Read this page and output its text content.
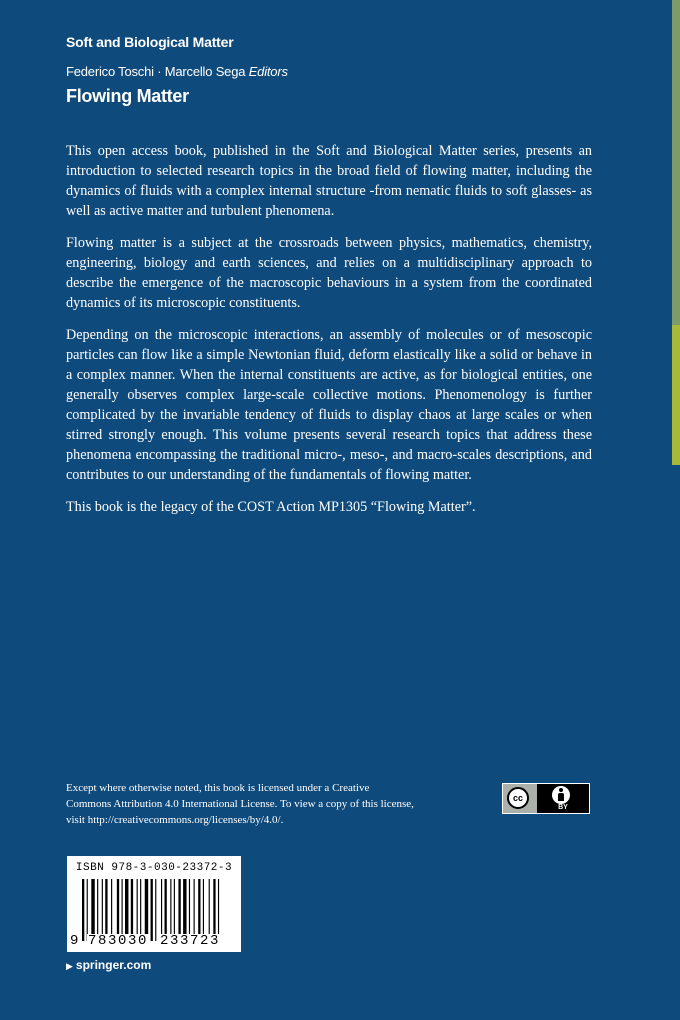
Soft and Biological Matter
Federico Toschi · Marcello Sega Editors
Flowing Matter

This open access book, published in the Soft and Biological Matter series, presents an introduction to selected research topics in the broad field of flowing matter, including the dynamics of fluids with a complex internal structure -from nematic fluids to soft glasses- as well as active matter and turbulent phenomena.

Flowing matter is a subject at the crossroads between physics, mathematics, chemistry, engineering, biology and earth sciences, and relies on a multidisciplinary approach to describe the emergence of the macroscopic behaviours in a system from the coordinated dynamics of its microscopic constituents.

Depending on the microscopic interactions, an assembly of molecules or of mesoscopic particles can flow like a simple Newtonian fluid, deform elastically like a solid or behave in a complex manner. When the internal constituents are active, as for biological entities, one generally observes complex large-scale collective motions. Phenomenology is further complicated by the invariable tendency of fluids to display chaos at large scales or when stirred strongly enough. This volume presents several research topics that address these phenomena encompassing the traditional micro-, meso-, and macro-scales descriptions, and contributes to our understanding of the fundamentals of flowing matter.

This book is the legacy of the COST Action MP1305 “Flowing Matter”.

Except where otherwise noted, this book is licensed under a Creative Commons Attribution 4.0 International License. To view a copy of this license, visit http://creativecommons.org/licenses/by/4.0/.
cc
BY
ISBN 978-3-030-23372-3
9 783030 233723
▶ springer.com
